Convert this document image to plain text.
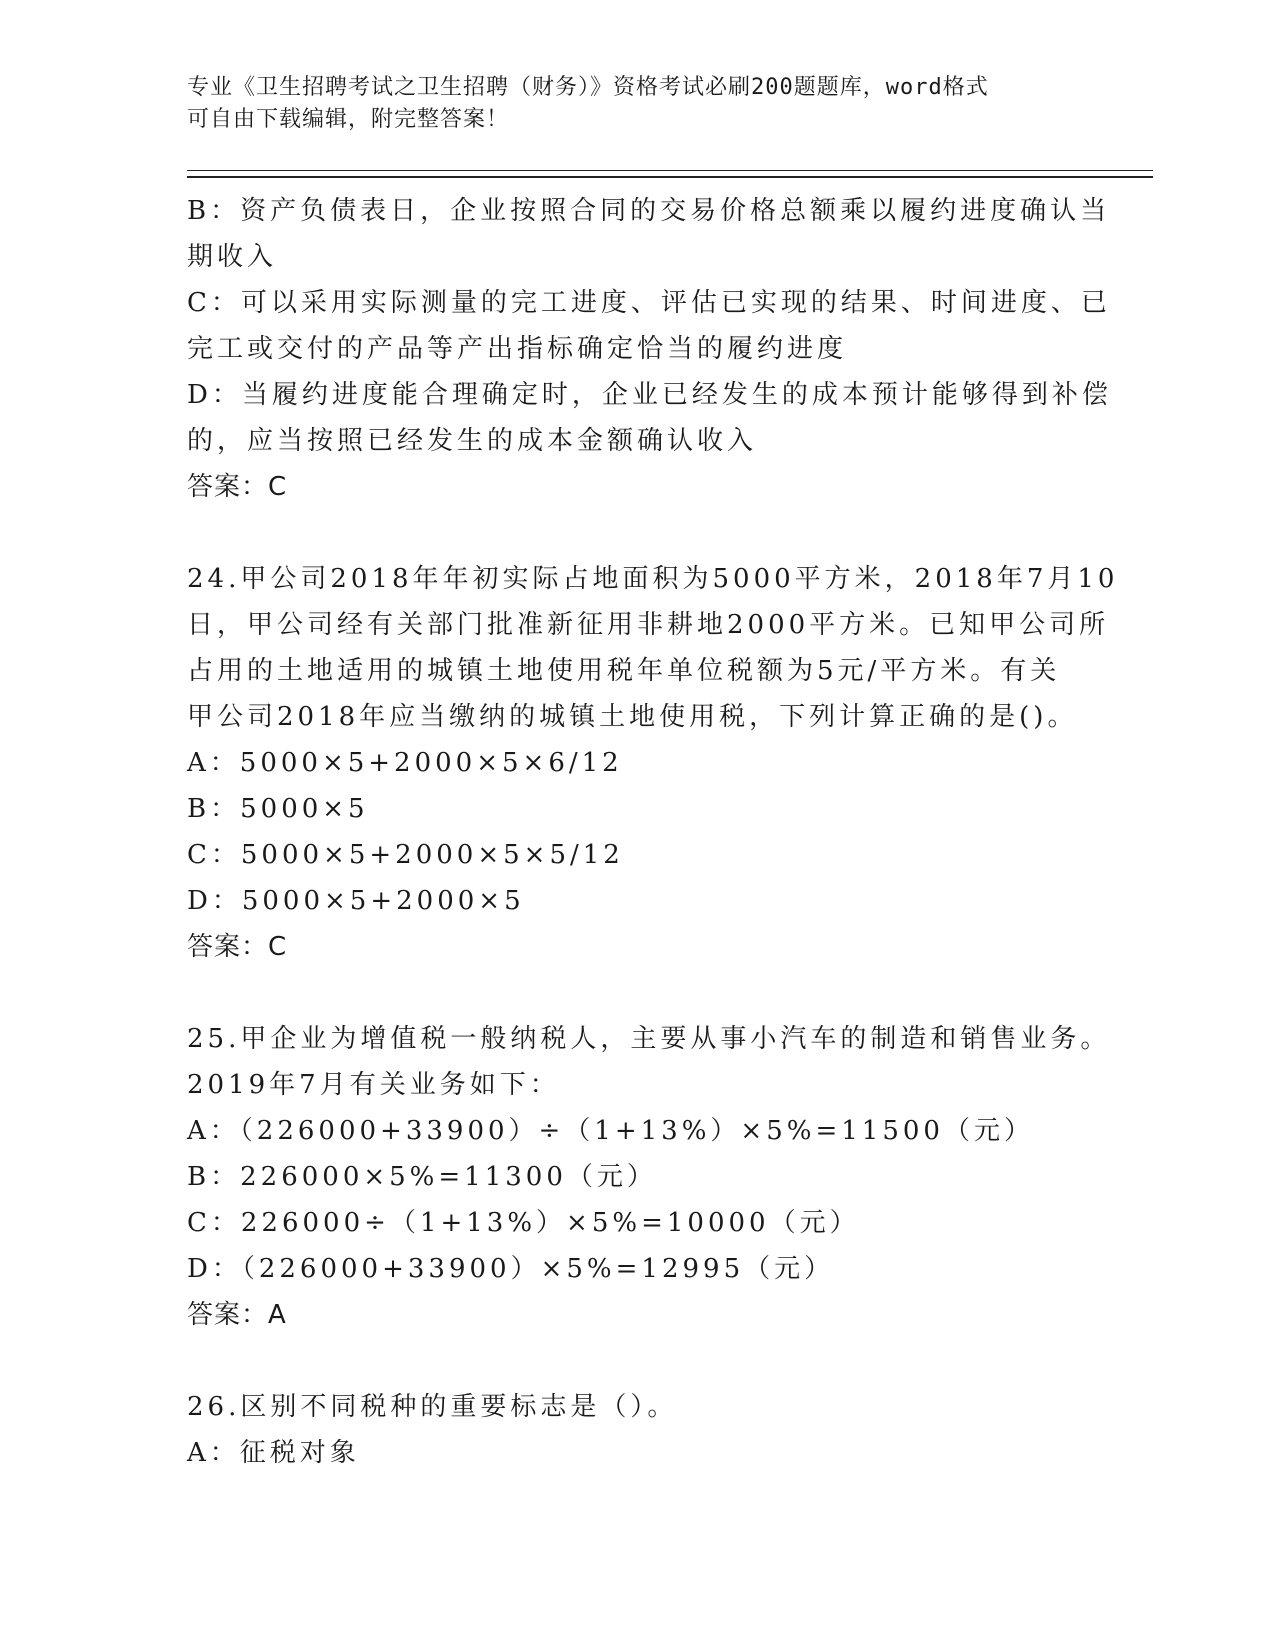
专业《卫生招聘考试之卫生招聘（财务）》资格考试必刷200题题库，word格式
可自由下载编辑，附完整答案！
B：资产负债表日，企业按照合同的交易价格总额乘以履约进度确认当
期收入
C：可以采用实际测量的完工进度、评估已实现的结果、时间进度、已
完工或交付的产品等产出指标确定恰当的履约进度
D：当履约进度能合理确定时，企业已经发生的成本预计能够得到补偿
的，应当按照已经发生的成本金额确认收入
答案：C
24.甲公司2018年年初实际占地面积为5000平方米，2018年7月10
日，甲公司经有关部门批准新征用非耕地2000平方米。已知甲公司所
占用的土地适用的城镇土地使用税年单位税额为5元/平方米。有关
甲公司2018年应当缴纳的城镇土地使用税，下列计算正确的是()。
A：5000×5+2000×5×6/12
B：5000×5
C：5000×5+2000×5×5/12
D：5000×5+2000×5
答案：C
25.甲企业为增值税一般纳税人，主要从事小汽车的制造和销售业务。
2019年7月有关业务如下：
A：（226000+33900）÷（1+13%）×5%=11500（元）
B：226000×5%=11300（元）
C：226000÷（1+13%）×5%=10000（元）
D：（226000+33900）×5%=12995（元）
答案：A
26.区别不同税种的重要标志是（）。
A：征税对象
